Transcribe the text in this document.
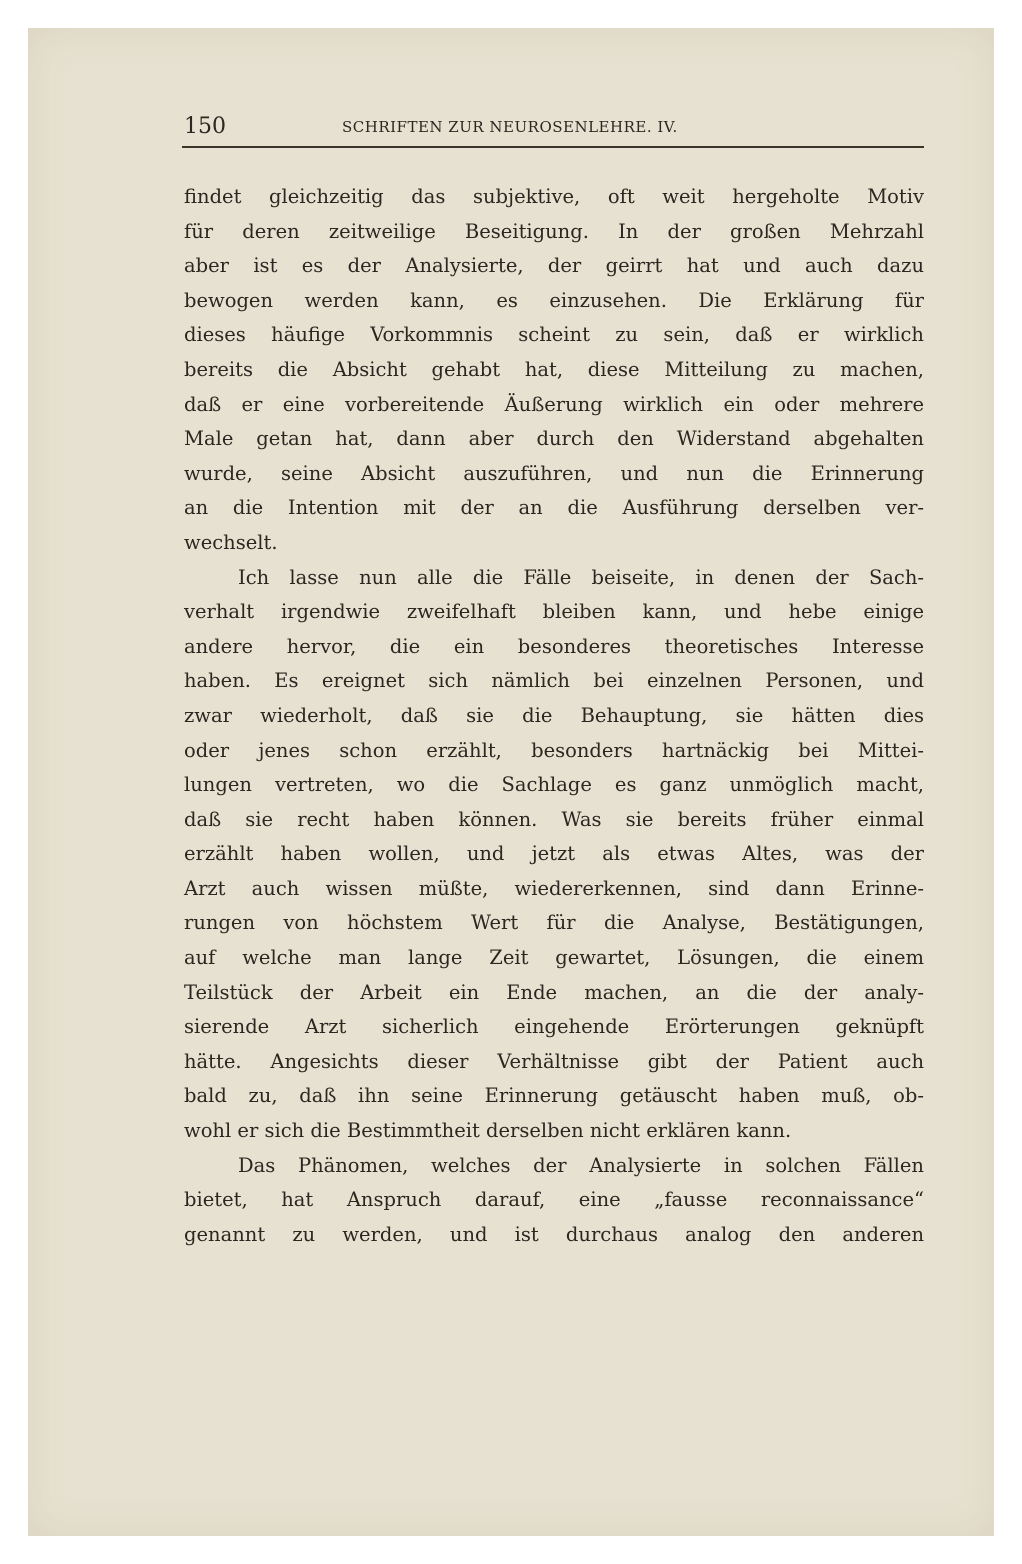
150	SCHRIFTEN ZUR NEUROSENLEHRE. IV.
findet gleichzeitig das subjektive, oft weit hergeholte Motiv
für deren zeitweilige Beseitigung. In der großen Mehrzahl
aber ist es der Analysierte, der geirrt hat und auch dazu
bewogen werden kann, es einzusehen. Die Erklärung für
dieses häufige Vorkommnis scheint zu sein, daß er wirklich
bereits die Absicht gehabt hat, diese Mitteilung zu machen,
daß er eine vorbereitende Äußerung wirklich ein oder mehrere
Male getan hat, dann aber durch den Widerstand abgehalten
wurde, seine Absicht auszuführen, und nun die Erinnerung
an die Intention mit der an die Ausführung derselben ver-
wechselt.
Ich lasse nun alle die Fälle beiseite, in denen der Sach-
verhalt irgendwie zweifelhaft bleiben kann, und hebe einige
andere hervor, die ein besonderes theoretisches Interesse
haben. Es ereignet sich nämlich bei einzelnen Personen, und
zwar wiederholt, daß sie die Behauptung, sie hätten dies
oder jenes schon erzählt, besonders hartnäckig bei Mittei-
lungen vertreten, wo die Sachlage es ganz unmöglich macht,
daß sie recht haben können. Was sie bereits früher einmal
erzählt haben wollen, und jetzt als etwas Altes, was der
Arzt auch wissen müßte, wiedererkennen, sind dann Erinne-
rungen von höchstem Wert für die Analyse, Bestätigungen,
auf welche man lange Zeit gewartet, Lösungen, die einem
Teilstück der Arbeit ein Ende machen, an die der analy-
sierende Arzt sicherlich eingehende Erörterungen geknüpft
hätte. Angesichts dieser Verhältnisse gibt der Patient auch
bald zu, daß ihn seine Erinnerung getäuscht haben muß, ob-
wohl er sich die Bestimmtheit derselben nicht erklären kann.
Das Phänomen, welches der Analysierte in solchen Fällen
bietet, hat Anspruch darauf, eine „fausse reconnaissance“
genannt zu werden, und ist durchaus analog den anderen
